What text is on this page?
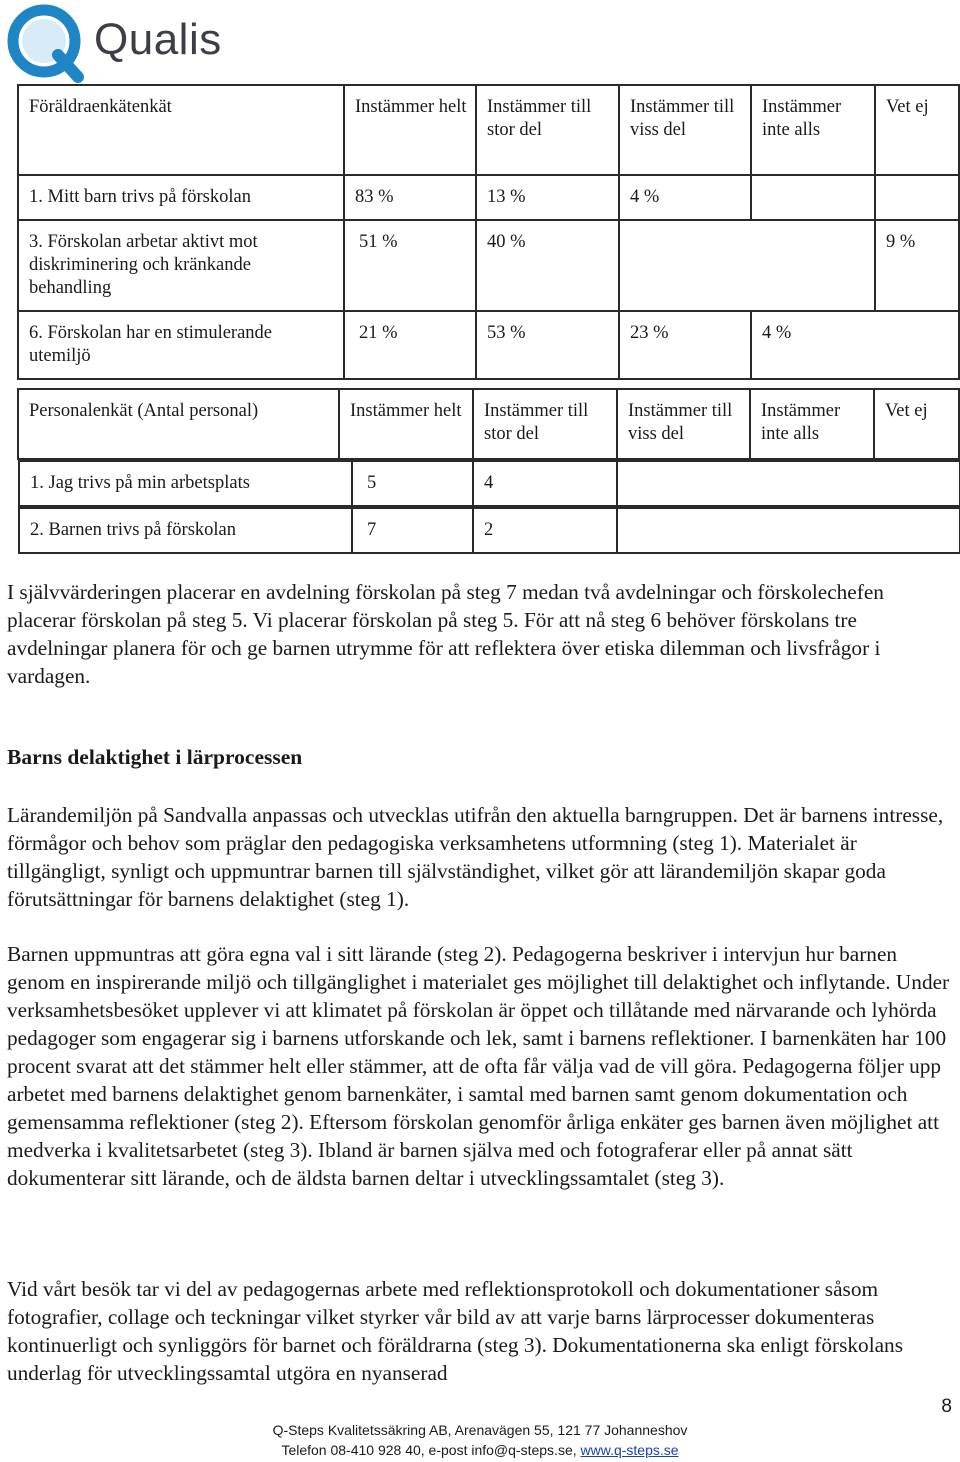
Qualis
Föräldraenkätenkät	Instämmer helt	Instämmer till stor del	Instämmer till viss del	Instämmer inte alls	Vet ej
1. Mitt barn trivs på förskolan	83 %	13 %	4 %		
3. Förskolan arbetar aktivt mot diskriminering och kränkande behandling	51 %	40 %			9 %
6. Förskolan har en stimulerande utemiljö	21 %	53 %	23 %	4 %	
Personalenkät (Antal personal)	Instämmer helt	Instämmer till stor del	Instämmer till viss del	Instämmer inte alls	Vet ej

1. Jag trivs på min arbetsplats	5	4	

2. Barnen trivs på förskolan	7	2	

I självvärderingen placerar en avdelning förskolan på steg 7 medan två avdelningar och förskolechefen placerar förskolan på steg 5. Vi placerar förskolan på steg 5. För att nå steg 6 behöver förskolans tre avdelningar planera för och ge barnen utrymme för att reflektera över etiska dilemman och livsfrågor i vardagen.

Barns delaktighet i lärprocessen

Lärandemiljön på Sandvalla anpassas och utvecklas utifrån den aktuella barngruppen. Det är barnens intresse, förmågor och behov som präglar den pedagogiska verksamhetens utformning (steg 1). Materialet är tillgängligt, synligt och uppmuntrar barnen till självständighet, vilket gör att lärandemiljön skapar goda förutsättningar för barnens delaktighet (steg 1).

Barnen uppmuntras att göra egna val i sitt lärande (steg 2). Pedagogerna beskriver i intervjun hur barnen genom en inspirerande miljö och tillgänglighet i materialet ges möjlighet till delaktighet och inflytande. Under verksamhetsbesöket upplever vi att klimatet på förskolan är öppet och tillåtande med närvarande och lyhörda pedagoger som engagerar sig i barnens utforskande och lek, samt i barnens reflektioner. I barnenkäten har 100 procent svarat att det stämmer helt eller stämmer, att de ofta får välja vad de vill göra. Pedagogerna följer upp arbetet med barnens delaktighet genom barnenkäter, i samtal med barnen samt genom dokumentation och gemensamma reflektioner (steg 2). Eftersom förskolan genomför årliga enkäter ges barnen även möjlighet att medverka i kvalitetsarbetet (steg 3). Ibland är barnen själva med och fotograferar eller på annat sätt dokumenterar sitt lärande, och de äldsta barnen deltar i utvecklingssamtalet (steg 3).

Vid vårt besök tar vi del av pedagogernas arbete med reflektionsprotokoll och dokumentationer såsom fotografier, collage och teckningar vilket styrker vår bild av att varje barns lärprocesser dokumenteras kontinuerligt och synliggörs för barnet och föräldrarna (steg 3). Dokumentationerna ska enligt förskolans underlag för utvecklingssamtal utgöra en nyanserad

8
Q-Steps Kvalitetssäkring AB, Arenavägen 55, 121 77 Johanneshov
Telefon 08-410 928 40, e-post info@q-steps.se, www.q-steps.se
